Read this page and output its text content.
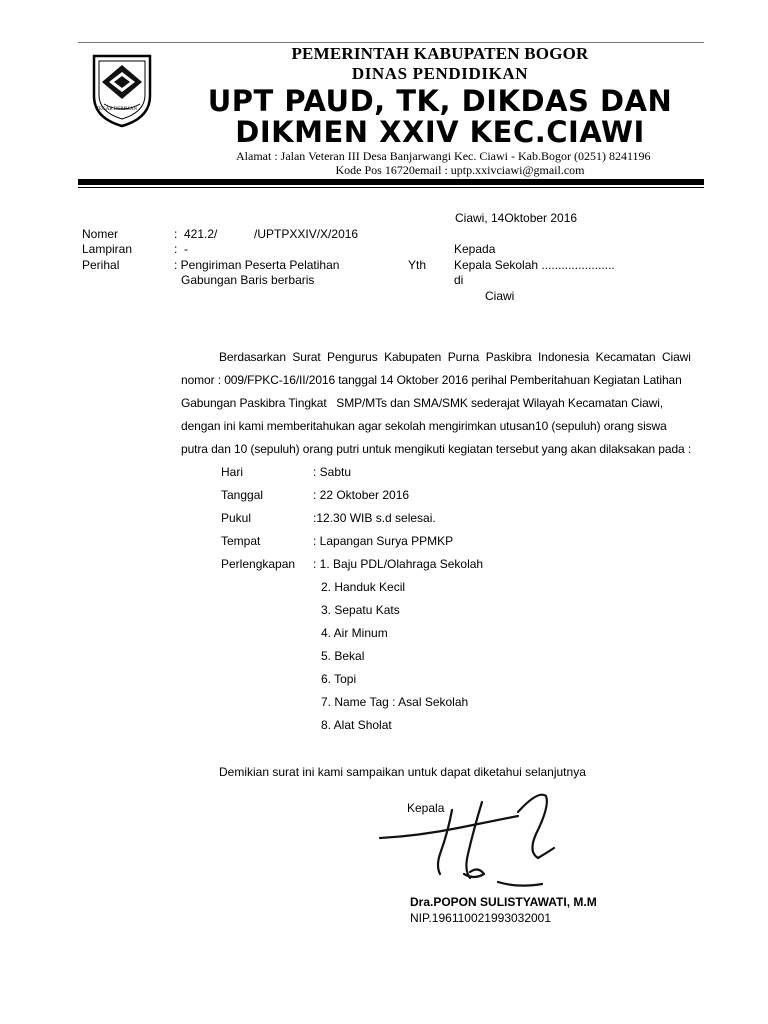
TEGAR BERIMAN
PEMERINTAH KABUPATEN BOGOR
DINAS PENDIDIKAN
UPT PAUD, TK, DIKDAS DAN
DIKMEN XXIV KEC.CIAWI
Alamat : Jalan Veteran III Desa Banjarwangi Kec. Ciawi - Kab.Bogor (0251) 8241196
Kode Pos 16720email : uptp.xxivciawi@gmail.com
Ciawi, 14Oktober 2016
Nomer	:  421.2/           /UPTPXXIV/X/2016
Lampiran	:  -
Perihal	: Pengiriman Peserta Pelatihan
Gabungan Baris berbaris
Yth
Kepada
Kepala Sekolah ......................
di
Ciawi
Berdasarkan  Surat  Pengurus  Kabupaten  Purna  Paskibra  Indonesia  Kecamatan  Ciawi
nomor : 009/FPKC-16/II/2016 tanggal 14 Oktober 2016 perihal Pemberitahuan Kegiatan Latihan
Gabungan Paskibra Tingkat   SMP/MTs dan SMA/SMK sederajat Wilayah Kecamatan Ciawi,
dengan ini kami memberitahukan agar sekolah mengirimkan utusan10 (sepuluh) orang siswa
putra dan 10 (sepuluh) orang putri untuk mengikuti kegiatan tersebut yang akan dilaksakan pada :
Hari	: Sabtu
Tanggal	: 22 Oktober 2016
Pukul	:12.30 WIB s.d selesai.
Tempat	: Lapangan Surya PPMKP
Perlengkapan : 1. Baju PDL/Olahraga Sekolah
2. Handuk Kecil
3. Sepatu Kats
4. Air Minum
5. Bekal
6. Topi
7. Name Tag : Asal Sekolah
8. Alat Sholat
Demikian surat ini kami sampaikan untuk dapat diketahui selanjutnya
Kepala
Dra.POPON SULISTYAWATI, M.M
NIP.196110021993032001
